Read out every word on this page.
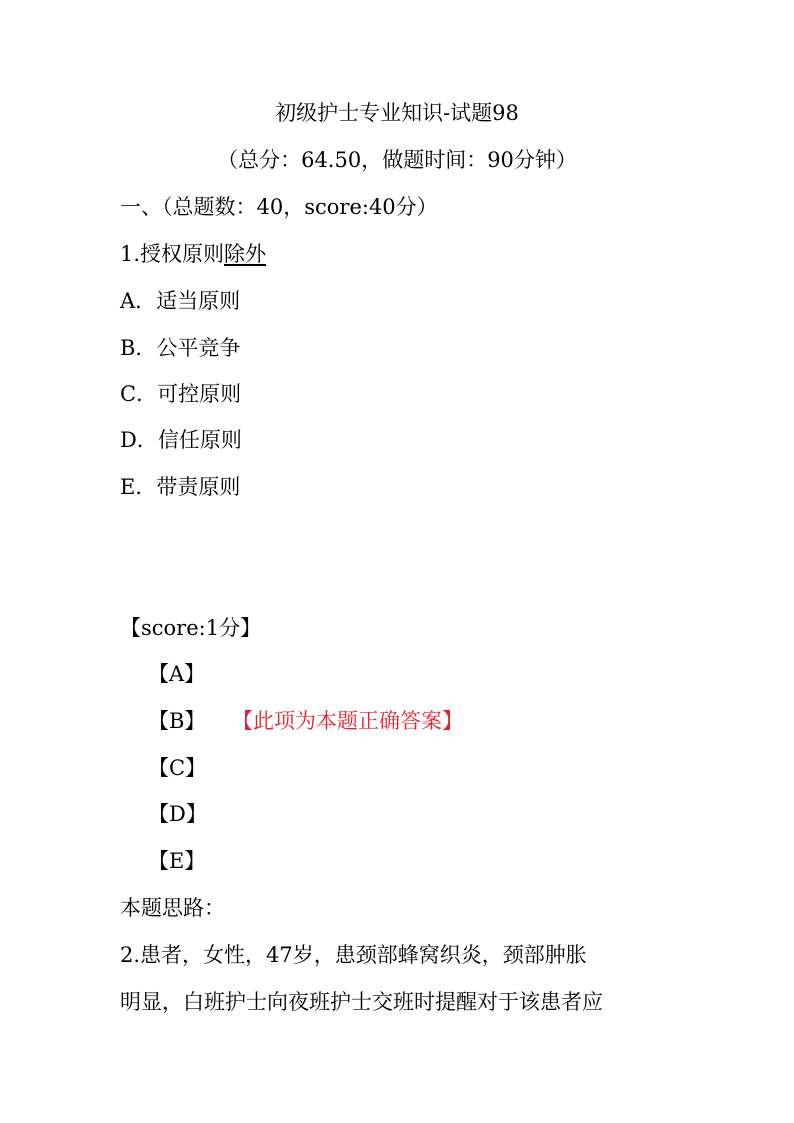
初级护士专业知识-试题98
（总分：64.50，做题时间：90分钟）
一、（总题数：40，score:40分）
1.授权原则除外
A．适当原则
B．公平竞争
C．可控原则
D．信任原则
E．带责原则
【score:1分】
【A】
【B】 【此项为本题正确答案】
【C】
【D】
【E】
本题思路：
2.患者，女性，47岁，患颈部蜂窝织炎，颈部肿胀
明显，白班护士向夜班护士交班时提醒对于该患者应
